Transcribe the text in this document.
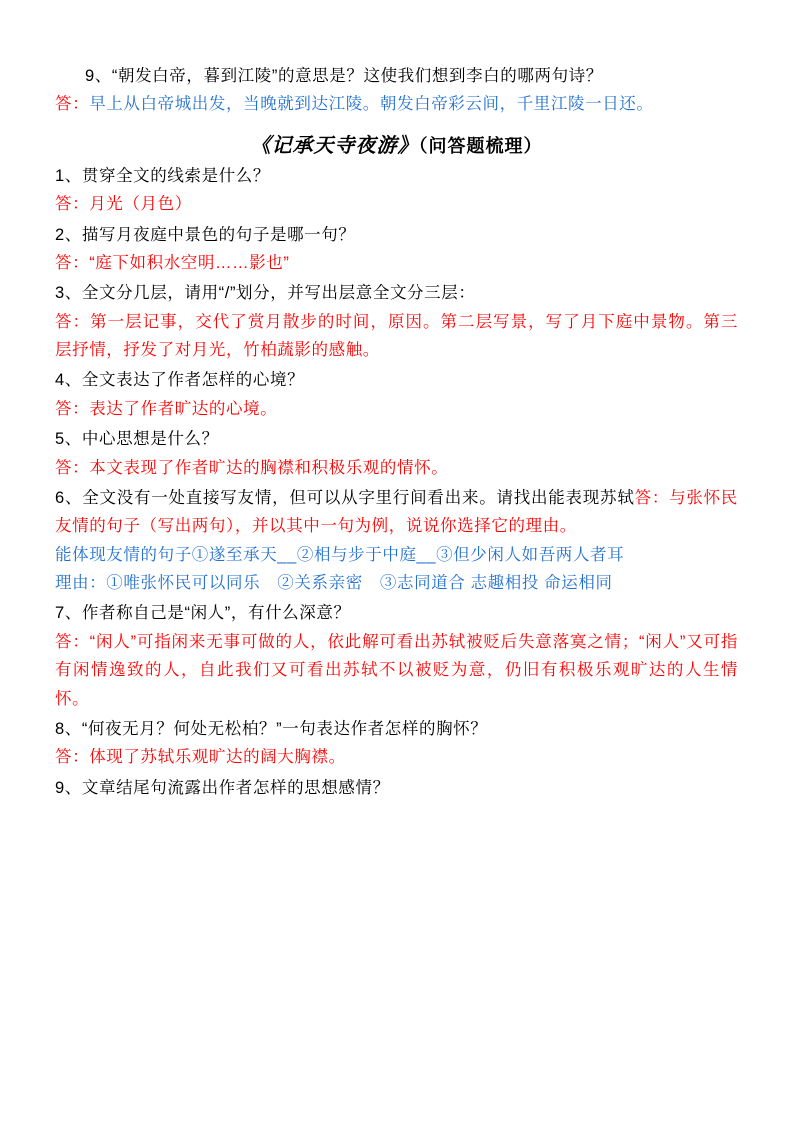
9、“朝发白帝，暮到江陵”的意思是？这使我们想到李白的哪两句诗？
答：早上从白帝城出发，当晚就到达江陵。朝发白帝彩云间，千里江陵一日还。
《记承天寺夜游》（问答题梳理）
1、贯穿全文的线索是什么？
答：月光（月色）
2、描写月夜庭中景色的句子是哪一句？
答：“庭下如积水空明……影也”
3、全文分几层，请用“/”划分，并写出层意全文分三层：
答：第一层记事，交代了赏月散步的时间，原因。第二层写景，写了月下庭中景物。第三层抒情，抒发了对月光，竹柏蔬影的感触。
4、全文表达了作者怎样的心境？
答：表达了作者旷达的心境。
5、中心思想是什么？
答：本文表现了作者旷达的胸襟和积极乐观的情怀。
6、全文没有一处直接写友情，但可以从字里行间看出来。请找出能表现苏轼答：与张怀民友情的句子（写出两句），并以其中一句为例，说说你选择它的理由。
能体现友情的句子①遂至承天__②相与步于中庭__③但少闲人如吾两人者耳
理由：①唯张怀民可以同乐　②关系亲密　③志同道合 志趣相投 命运相同
7、作者称自己是“闲人”，有什么深意？
答：“闲人”可指闲来无事可做的人，依此解可看出苏轼被贬后失意落寞之情；“闲人”又可指有闲情逸致的人，自此我们又可看出苏轼不以被贬为意，仍旧有积极乐观旷达的人生情怀。
8、“何夜无月？何处无松柏？”一句表达作者怎样的胸怀？
答：体现了苏轼乐观旷达的阔大胸襟。
9、文章结尾句流露出作者怎样的思想感情？
